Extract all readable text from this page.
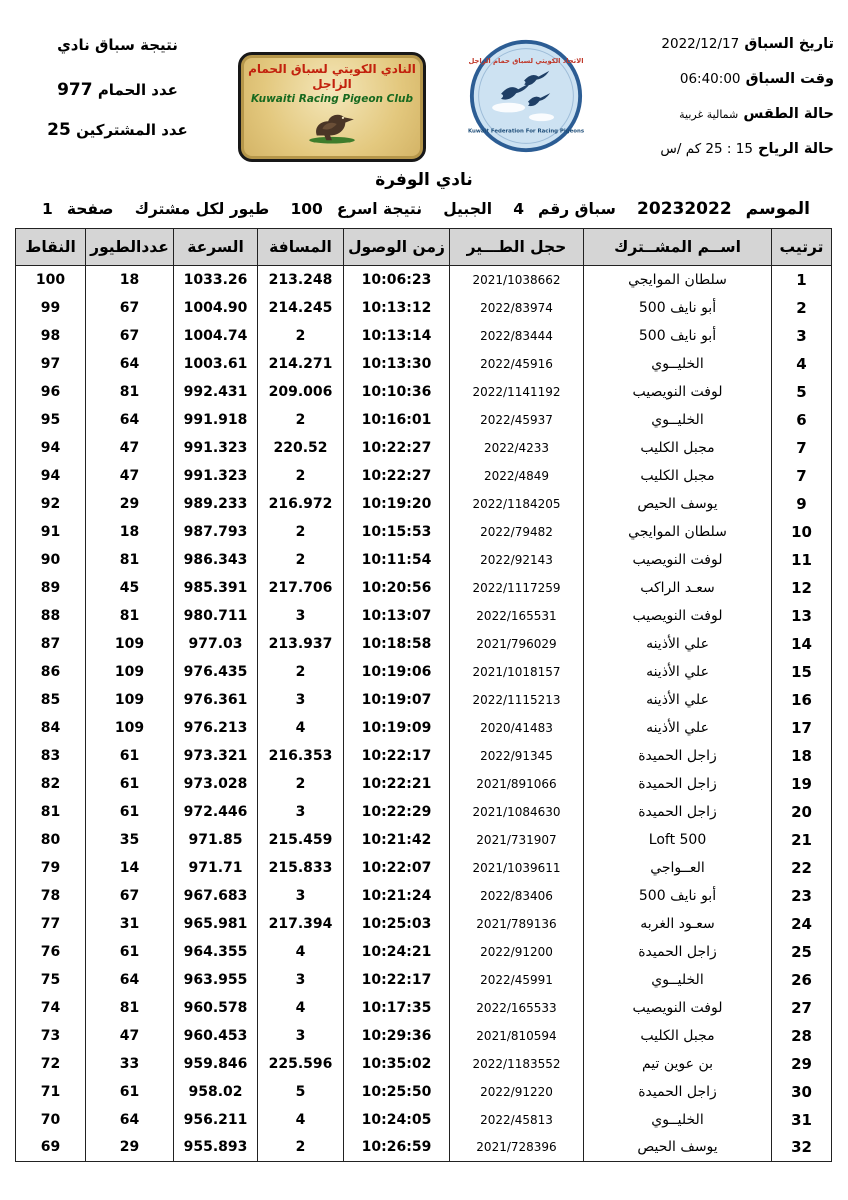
نتيجة سباق نادي
عدد الحمام 977
عدد المشتركين 25
النادي الكويتي لسباق الحمام الزاجل
Kuwaiti Racing Pigeon Club
الاتحاد الكويتي لسباق حمام الزاجل
Kuwait Federation For Racing Pigeons
تاريخ السباق 2022/12/17
وقت السباق 06:40:00
حالة الطقس شمالية غربية
حالة الرياح 15 : 25 كم /س
نادي الوفرة
الموسم
20232022
سباق رقم
4
الجبيل
نتيجة اسرع
100
طيور لكل مشترك
صفحة
1
ترتيب	اســم المشــترك	حجل الطـــير	زمن الوصول	المسافة	السرعة	عددالطيور	النقاط
1	سلطان الموايجي	2021/1038662	10:06:23	213.248	1033.26	18	100
2	أبو نايف 500	2022/83974	10:13:12	214.245	1004.90	67	99
3	أبو نايف 500	2022/83444	10:13:14	2	1004.74	67	98
4	الخليــوي	2022/45916	10:13:30	214.271	1003.61	64	97
5	لوفت النويصيب	2022/1141192	10:10:36	209.006	992.431	81	96
6	الخليــوي	2022/45937	10:16:01	2	991.918	64	95
7	مجبل الكليب	2022/4233	10:22:27	220.52	991.323	47	94
7	مجبل الكليب	2022/4849	10:22:27	2	991.323	47	94
9	يوسف الحيص	2022/1184205	10:19:20	216.972	989.233	29	92
10	سلطان الموايجي	2022/79482	10:15:53	2	987.793	18	91
11	لوفت النويصيب	2022/92143	10:11:54	2	986.343	81	90
12	سعـد الراكب	2022/1117259	10:20:56	217.706	985.391	45	89
13	لوفت النويصيب	2022/165531	10:13:07	3	980.711	81	88
14	علي الأذينه	2021/796029	10:18:58	213.937	977.03	109	87
15	علي الأذينه	2021/1018157	10:19:06	2	976.435	109	86
16	علي الأذينه	2022/1115213	10:19:07	3	976.361	109	85
17	علي الأذينه	2020/41483	10:19:09	4	976.213	109	84
18	زاجل الحميدة	2022/91345	10:22:17	216.353	973.321	61	83
19	زاجل الحميدة	2021/891066	10:22:21	2	973.028	61	82
20	زاجل الحميدة	2021/1084630	10:22:29	3	972.446	61	81
21	Loft 500	2021/731907	10:21:42	215.459	971.85	35	80
22	العــواجي	2021/1039611	10:22:07	215.833	971.71	14	79
23	أبو نايف 500	2022/83406	10:21:24	3	967.683	67	78
24	سعـود الغربه	2021/789136	10:25:03	217.394	965.981	31	77
25	زاجل الحميدة	2022/91200	10:24:21	4	964.355	61	76
26	الخليــوي	2022/45991	10:22:17	3	963.955	64	75
27	لوفت النويصيب	2022/165533	10:17:35	4	960.578	81	74
28	مجبل الكليب	2021/810594	10:29:36	3	960.453	47	73
29	بن عوين تيم	2022/1183552	10:35:02	225.596	959.846	33	72
30	زاجل الحميدة	2022/91220	10:25:50	5	958.02	61	71
31	الخليــوي	2022/45813	10:24:05	4	956.211	64	70
32	يوسف الحيص	2021/728396	10:26:59	2	955.893	29	69
